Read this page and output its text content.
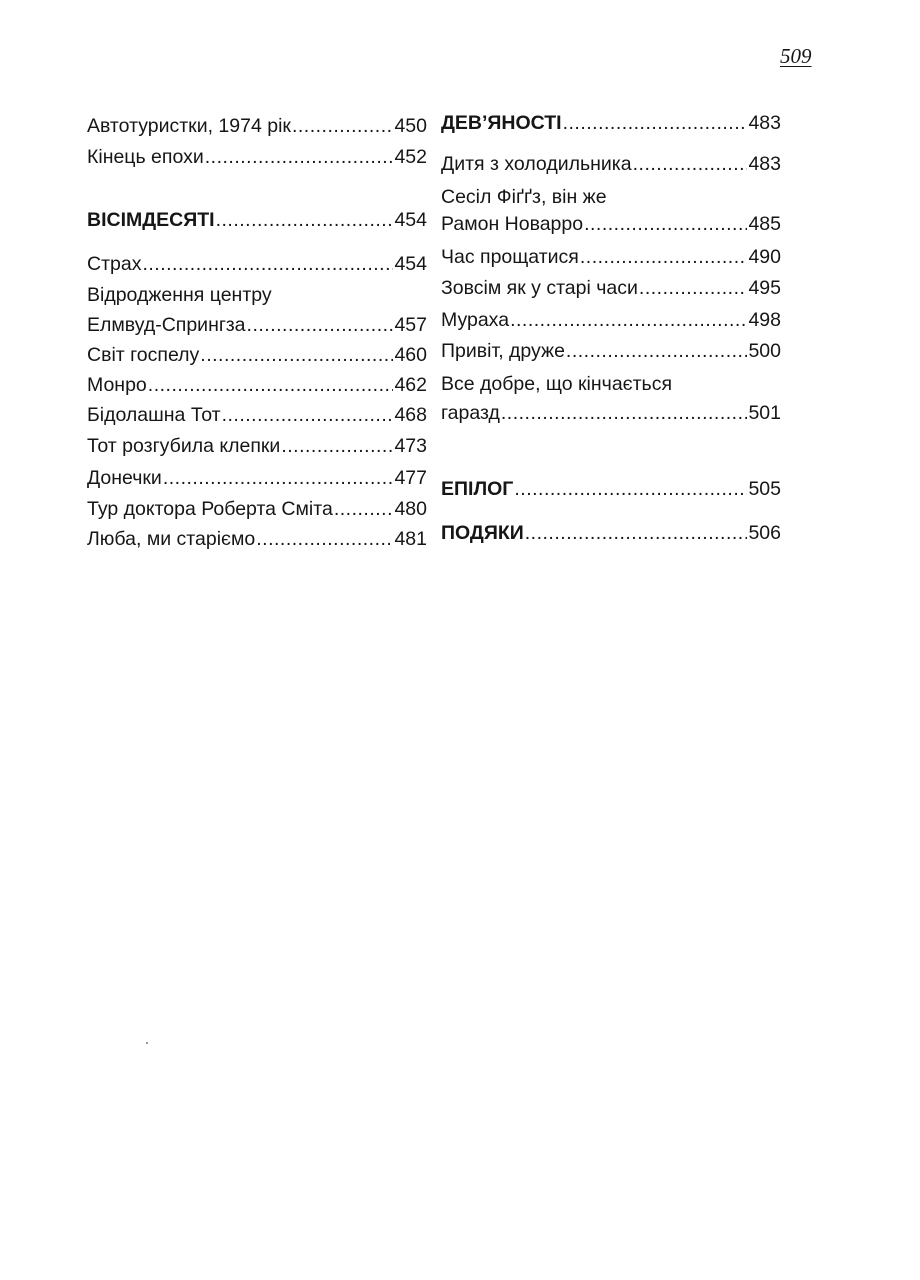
509
Автотуристки, 1974 рік .....	450
Кінець епохи .....	452
ВІСІМДЕСЯТІ .....	454
Страх .....	454
Відродження центру
Елмвуд-Спрингза .....	457
Світ госпелу .....	460
Монро .....	462
Бідолашна Тот .....	468
Тот розгубила клепки .....	473
Донечки .....	477
Тур доктора Роберта Сміта .....	480
Люба, ми старіємо .....	481
ДЕВ’ЯНОСТІ .....	483
Дитя з холодильника .....	483
Сесіл Фіґґз, він же
Рамон Новарро .....	485
Час прощатися .....	490
Зовсім як у старі часи .....	495
Мураха .....	498
Привіт, друже .....	500
Все добре, що кінчається
гаразд .....	501
ЕПІЛОГ .....	505
ПОДЯКИ .....	506
